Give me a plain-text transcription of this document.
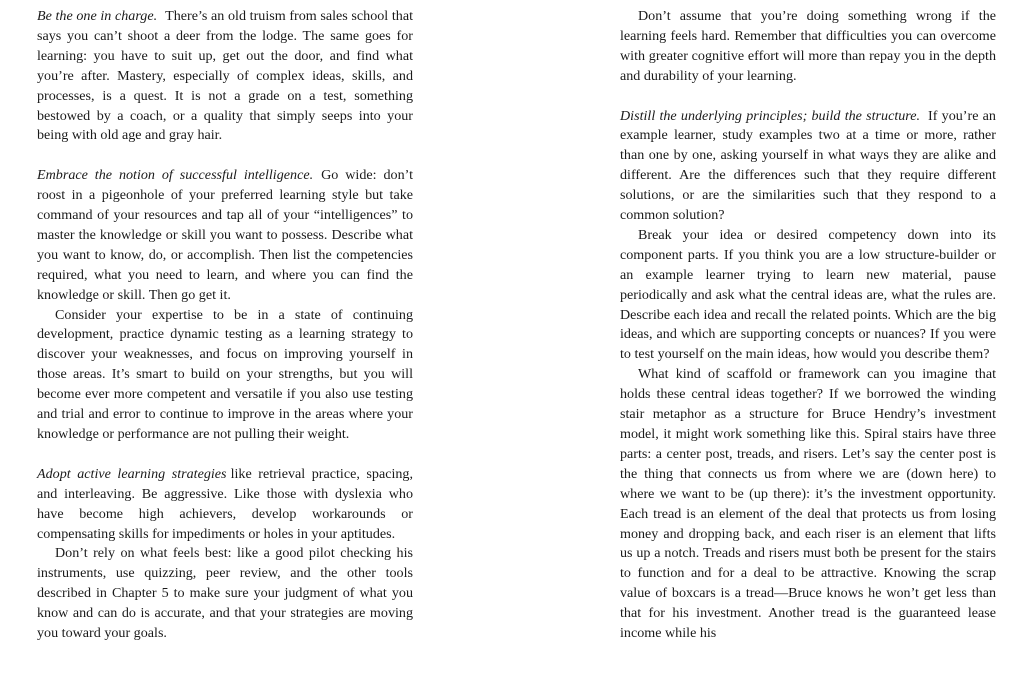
Be the one in charge. There’s an old truism from sales school that says you can’t shoot a deer from the lodge. The same goes for learning: you have to suit up, get out the door, and find what you’re after. Mastery, especially of complex ideas, skills, and processes, is a quest. It is not a grade on a test, something bestowed by a coach, or a quality that simply seeps into your being with old age and gray hair.

Embrace the notion of successful intelligence. Go wide: don’t roost in a pigeonhole of your preferred learning style but take command of your resources and tap all of your “intelligences” to master the knowledge or skill you want to possess. Describe what you want to know, do, or accomplish. Then list the competencies required, what you need to learn, and where you can find the knowledge or skill. Then go get it.

Consider your expertise to be in a state of continuing development, practice dynamic testing as a learning strategy to discover your weaknesses, and focus on improving yourself in those areas. It’s smart to build on your strengths, but you will become ever more competent and versatile if you also use testing and trial and error to continue to improve in the areas where your knowledge or performance are not pulling their weight.

Adopt active learning strategies like retrieval practice, spacing, and interleaving. Be aggressive. Like those with dyslexia who have become high achievers, develop workarounds or compensating skills for impediments or holes in your aptitudes.

Don’t rely on what feels best: like a good pilot checking his instruments, use quizzing, peer review, and the other tools described in Chapter 5 to make sure your judgment of what you know and can do is accurate, and that your strategies are moving you toward your goals.

Don’t assume that you’re doing something wrong if the learning feels hard. Remember that difficulties you can overcome with greater cognitive effort will more than repay you in the depth and durability of your learning.

Distill the underlying principles; build the structure. If you’re an example learner, study examples two at a time or more, rather than one by one, asking yourself in what ways they are alike and different. Are the differences such that they require different solutions, or are the similarities such that they respond to a common solution?

Break your idea or desired competency down into its component parts. If you think you are a low structure-builder or an example learner trying to learn new material, pause periodically and ask what the central ideas are, what the rules are. Describe each idea and recall the related points. Which are the big ideas, and which are supporting concepts or nuances? If you were to test yourself on the main ideas, how would you describe them?

What kind of scaffold or framework can you imagine that holds these central ideas together? If we borrowed the winding stair metaphor as a structure for Bruce Hendry’s investment model, it might work something like this. Spiral stairs have three parts: a center post, treads, and risers. Let’s say the center post is the thing that connects us from where we are (down here) to where we want to be (up there): it’s the investment opportunity. Each tread is an element of the deal that protects us from losing money and dropping back, and each riser is an element that lifts us up a notch. Treads and risers must both be present for the stairs to function and for a deal to be attractive. Knowing the scrap value of boxcars is a tread—Bruce knows he won’t get less than that for his investment. Another tread is the guaranteed lease income while his
